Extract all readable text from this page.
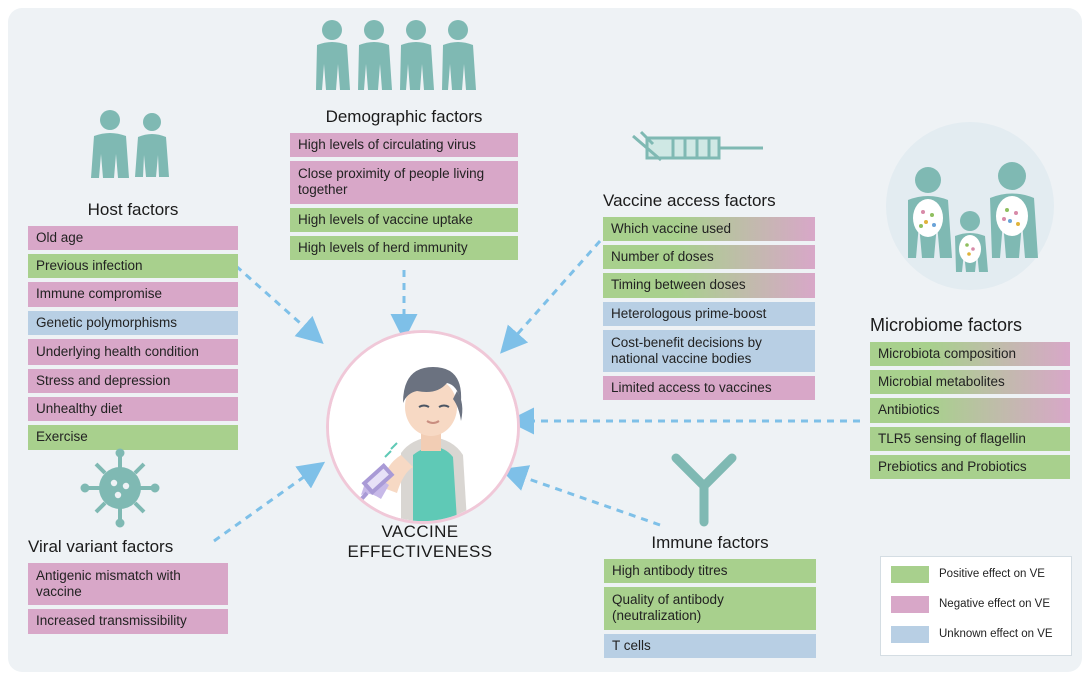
Host factors
Old age
Previous infection
Immune compromise
Genetic polymorphisms
Underlying health condition
Stress and depression
Unhealthy diet
Exercise
Viral variant factors
Antigenic mismatch with vaccine
Increased transmissibility
Demographic factors
High levels of circulating virus
Close proximity of people living together
High levels of vaccine uptake
High levels of herd immunity
Vaccine access factors
Which vaccine used
Number of doses
Timing between doses
Heterologous prime-boost
Cost-benefit decisions by national vaccine bodies
Limited access to vaccines
Microbiome factors
Microbiota composition
Microbial metabolites
Antibiotics
TLR5 sensing of flagellin
Prebiotics and Probiotics
Immune factors
High antibody titres
Quality of antibody (neutralization)
T cells
VACCINE EFFECTIVENESS
Positive effect on VE
Negative effect on VE
Unknown effect on VE
